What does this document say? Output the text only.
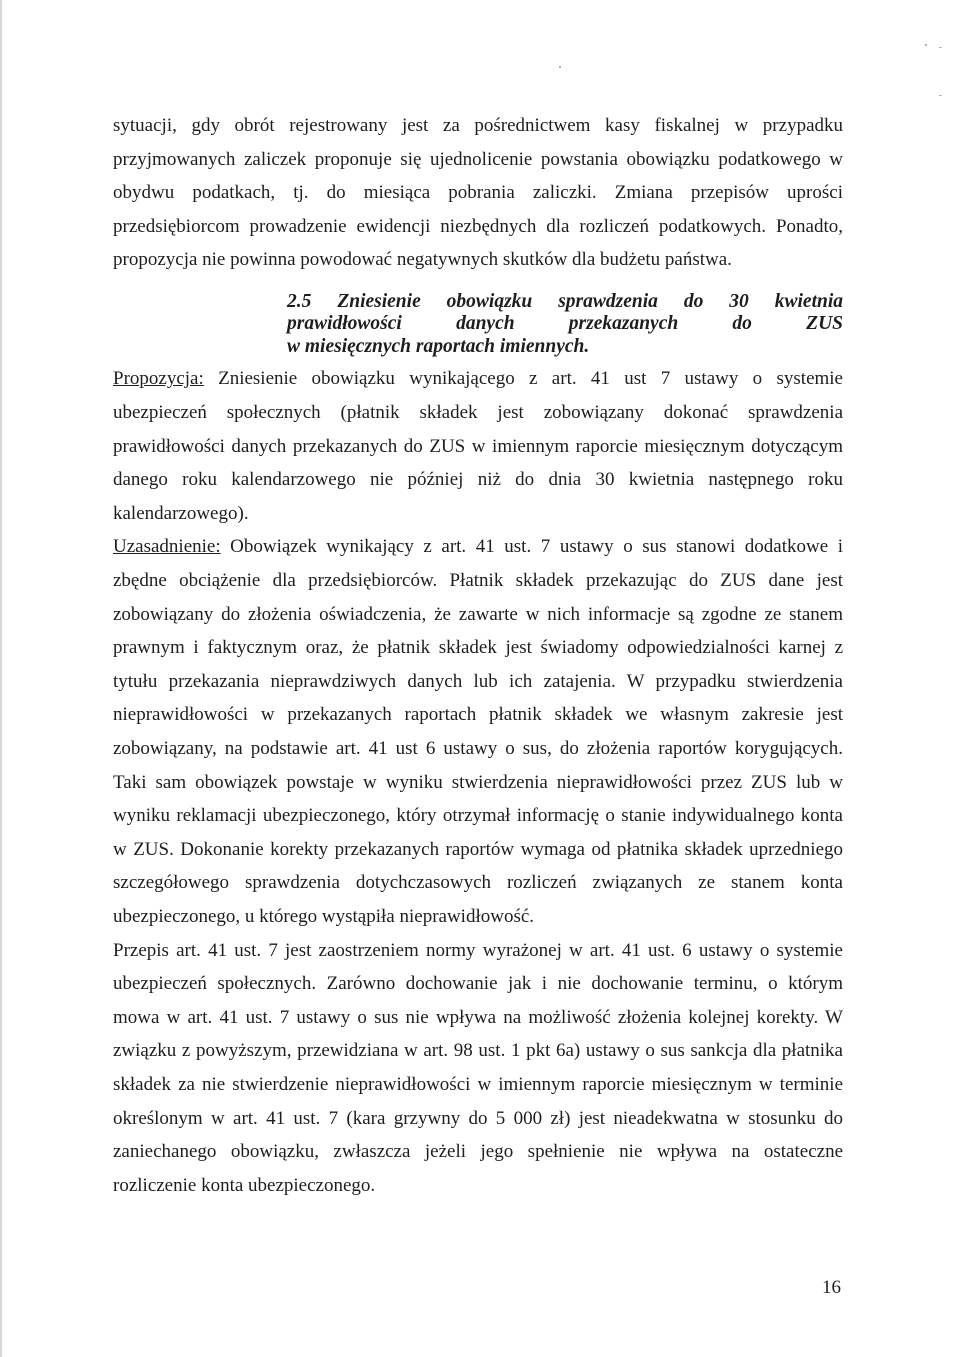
sytuacji, gdy obrót rejestrowany jest za pośrednictwem kasy fiskalnej w przypadku
przyjmowanych zaliczek proponuje się ujednolicenie powstania obowiązku podatkowego w
obydwu podatkach, tj. do miesiąca pobrania zaliczki. Zmiana przepisów uprości
przedsiębiorcom prowadzenie ewidencji niezbędnych dla rozliczeń podatkowych. Ponadto,
propozycja nie powinna powodować negatywnych skutków dla budżetu państwa.

2.5 Zniesienie obowiązku sprawdzenia do 30 kwietnia
prawidłowości danych przekazanych do ZUS
w miesięcznych raportach imiennych.

Propozycja: Zniesienie obowiązku wynikającego z art. 41 ust 7 ustawy o systemie
ubezpieczeń społecznych (płatnik składek jest zobowiązany dokonać sprawdzenia
prawidłowości danych przekazanych do ZUS w imiennym raporcie miesięcznym dotyczącym
danego roku kalendarzowego nie później niż do dnia 30 kwietnia następnego roku
kalendarzowego).

Uzasadnienie: Obowiązek wynikający z art. 41 ust. 7 ustawy o sus stanowi dodatkowe i
zbędne obciążenie dla przedsiębiorców. Płatnik składek przekazując do ZUS dane jest
zobowiązany do złożenia oświadczenia, że zawarte w nich informacje są zgodne ze stanem
prawnym i faktycznym oraz, że płatnik składek jest świadomy odpowiedzialności karnej z
tytułu przekazania nieprawdziwych danych lub ich zatajenia. W przypadku stwierdzenia
nieprawidłowości w przekazanych raportach płatnik składek we własnym zakresie jest
zobowiązany, na podstawie art. 41 ust 6 ustawy o sus, do złożenia raportów korygujących.
Taki sam obowiązek powstaje w wyniku stwierdzenia nieprawidłowości przez ZUS lub w
wyniku reklamacji ubezpieczonego, który otrzymał informację o stanie indywidualnego konta
w ZUS. Dokonanie korekty przekazanych raportów wymaga od płatnika składek uprzedniego
szczegółowego sprawdzenia dotychczasowych rozliczeń związanych ze stanem konta
ubezpieczonego, u którego wystąpiła nieprawidłowość.

Przepis art. 41 ust. 7 jest zaostrzeniem normy wyrażonej w art. 41 ust. 6 ustawy o systemie
ubezpieczeń społecznych. Zarówno dochowanie jak i nie dochowanie terminu, o którym
mowa w art. 41 ust. 7 ustawy o sus nie wpływa na możliwość złożenia kolejnej korekty. W
związku z powyższym, przewidziana w art. 98 ust. 1 pkt 6a) ustawy o sus sankcja dla płatnika
składek za nie stwierdzenie nieprawidłowości w imiennym raporcie miesięcznym w terminie
określonym w art. 41 ust. 7 (kara grzywny do 5 000 zł) jest nieadekwatna w stosunku do
zaniechanego obowiązku, zwłaszcza jeżeli jego spełnienie nie wpływa na ostateczne
rozliczenie konta ubezpieczonego.

16
